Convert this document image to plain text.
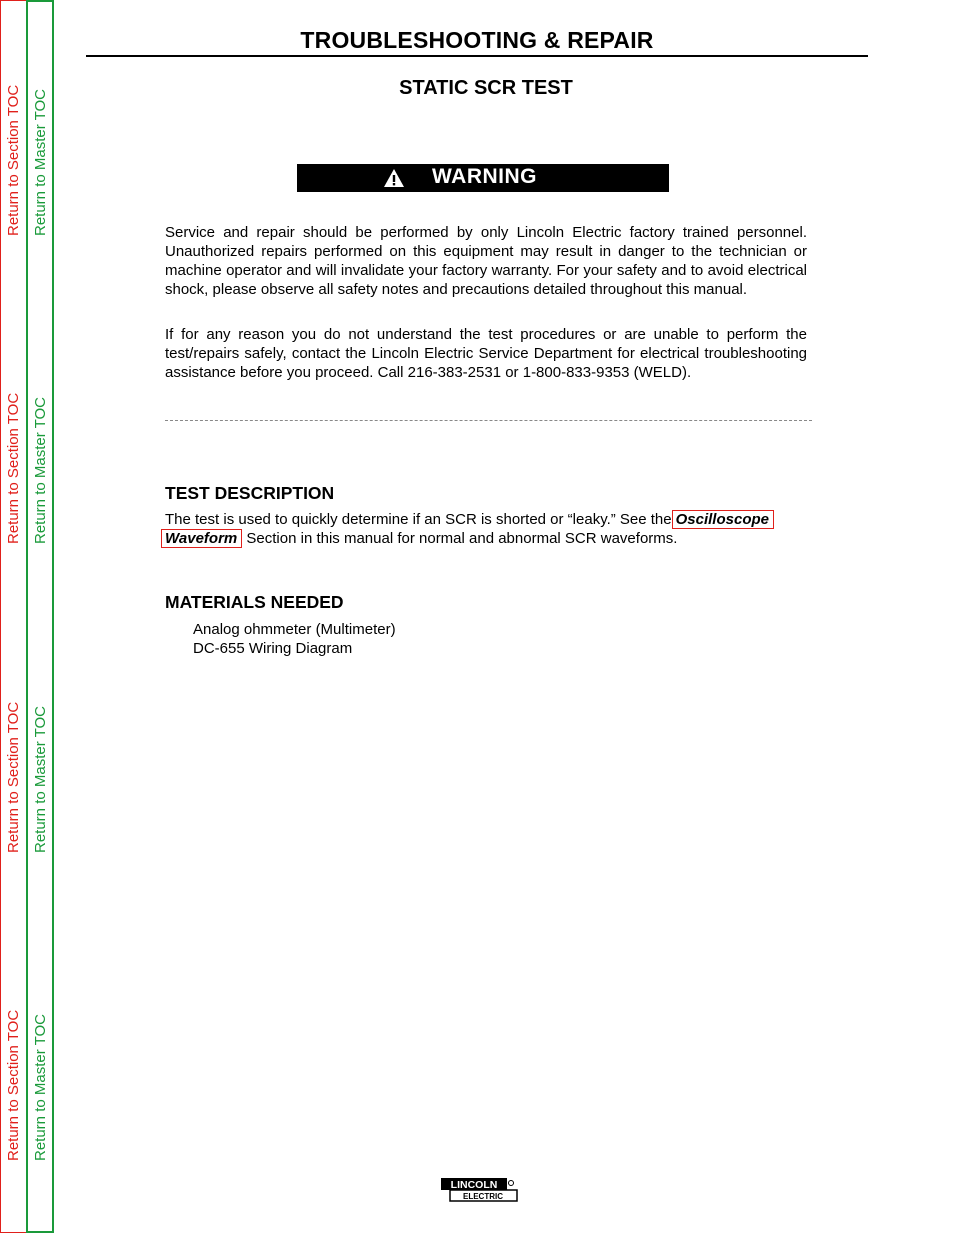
Return to Section TOC Return to Master TOC
Return to Section TOC Return to Master TOC
Return to Section TOC Return to Master TOC
Return to Section TOC Return to Master TOC
TROUBLESHOOTING & REPAIR
STATIC SCR TEST
WARNING

Service and repair should be performed by only Lincoln Electric factory trained personnel. Unauthorized repairs performed on this equipment may result in danger to the technician or machine operator and will invalidate your factory warranty. For your safety and to avoid electrical shock, please observe all safety notes and precautions detailed throughout this manual.

If for any reason you do not understand the test procedures or are unable to perform the test/repairs safely, contact the Lincoln Electric Service Department for electrical troubleshooting assistance before you proceed. Call 216-383-2531 or 1-800-833-9353 (WELD).

TEST DESCRIPTION

The test is used to quickly determine if an SCR is shorted or “leaky.” See the Oscilloscope
Waveform Section in this manual for normal and abnormal SCR waveforms.

MATERIALS NEEDED
Analog ohmmeter (Multimeter)
DC-655 Wiring Diagram
LINCOLN
ELECTRIC
